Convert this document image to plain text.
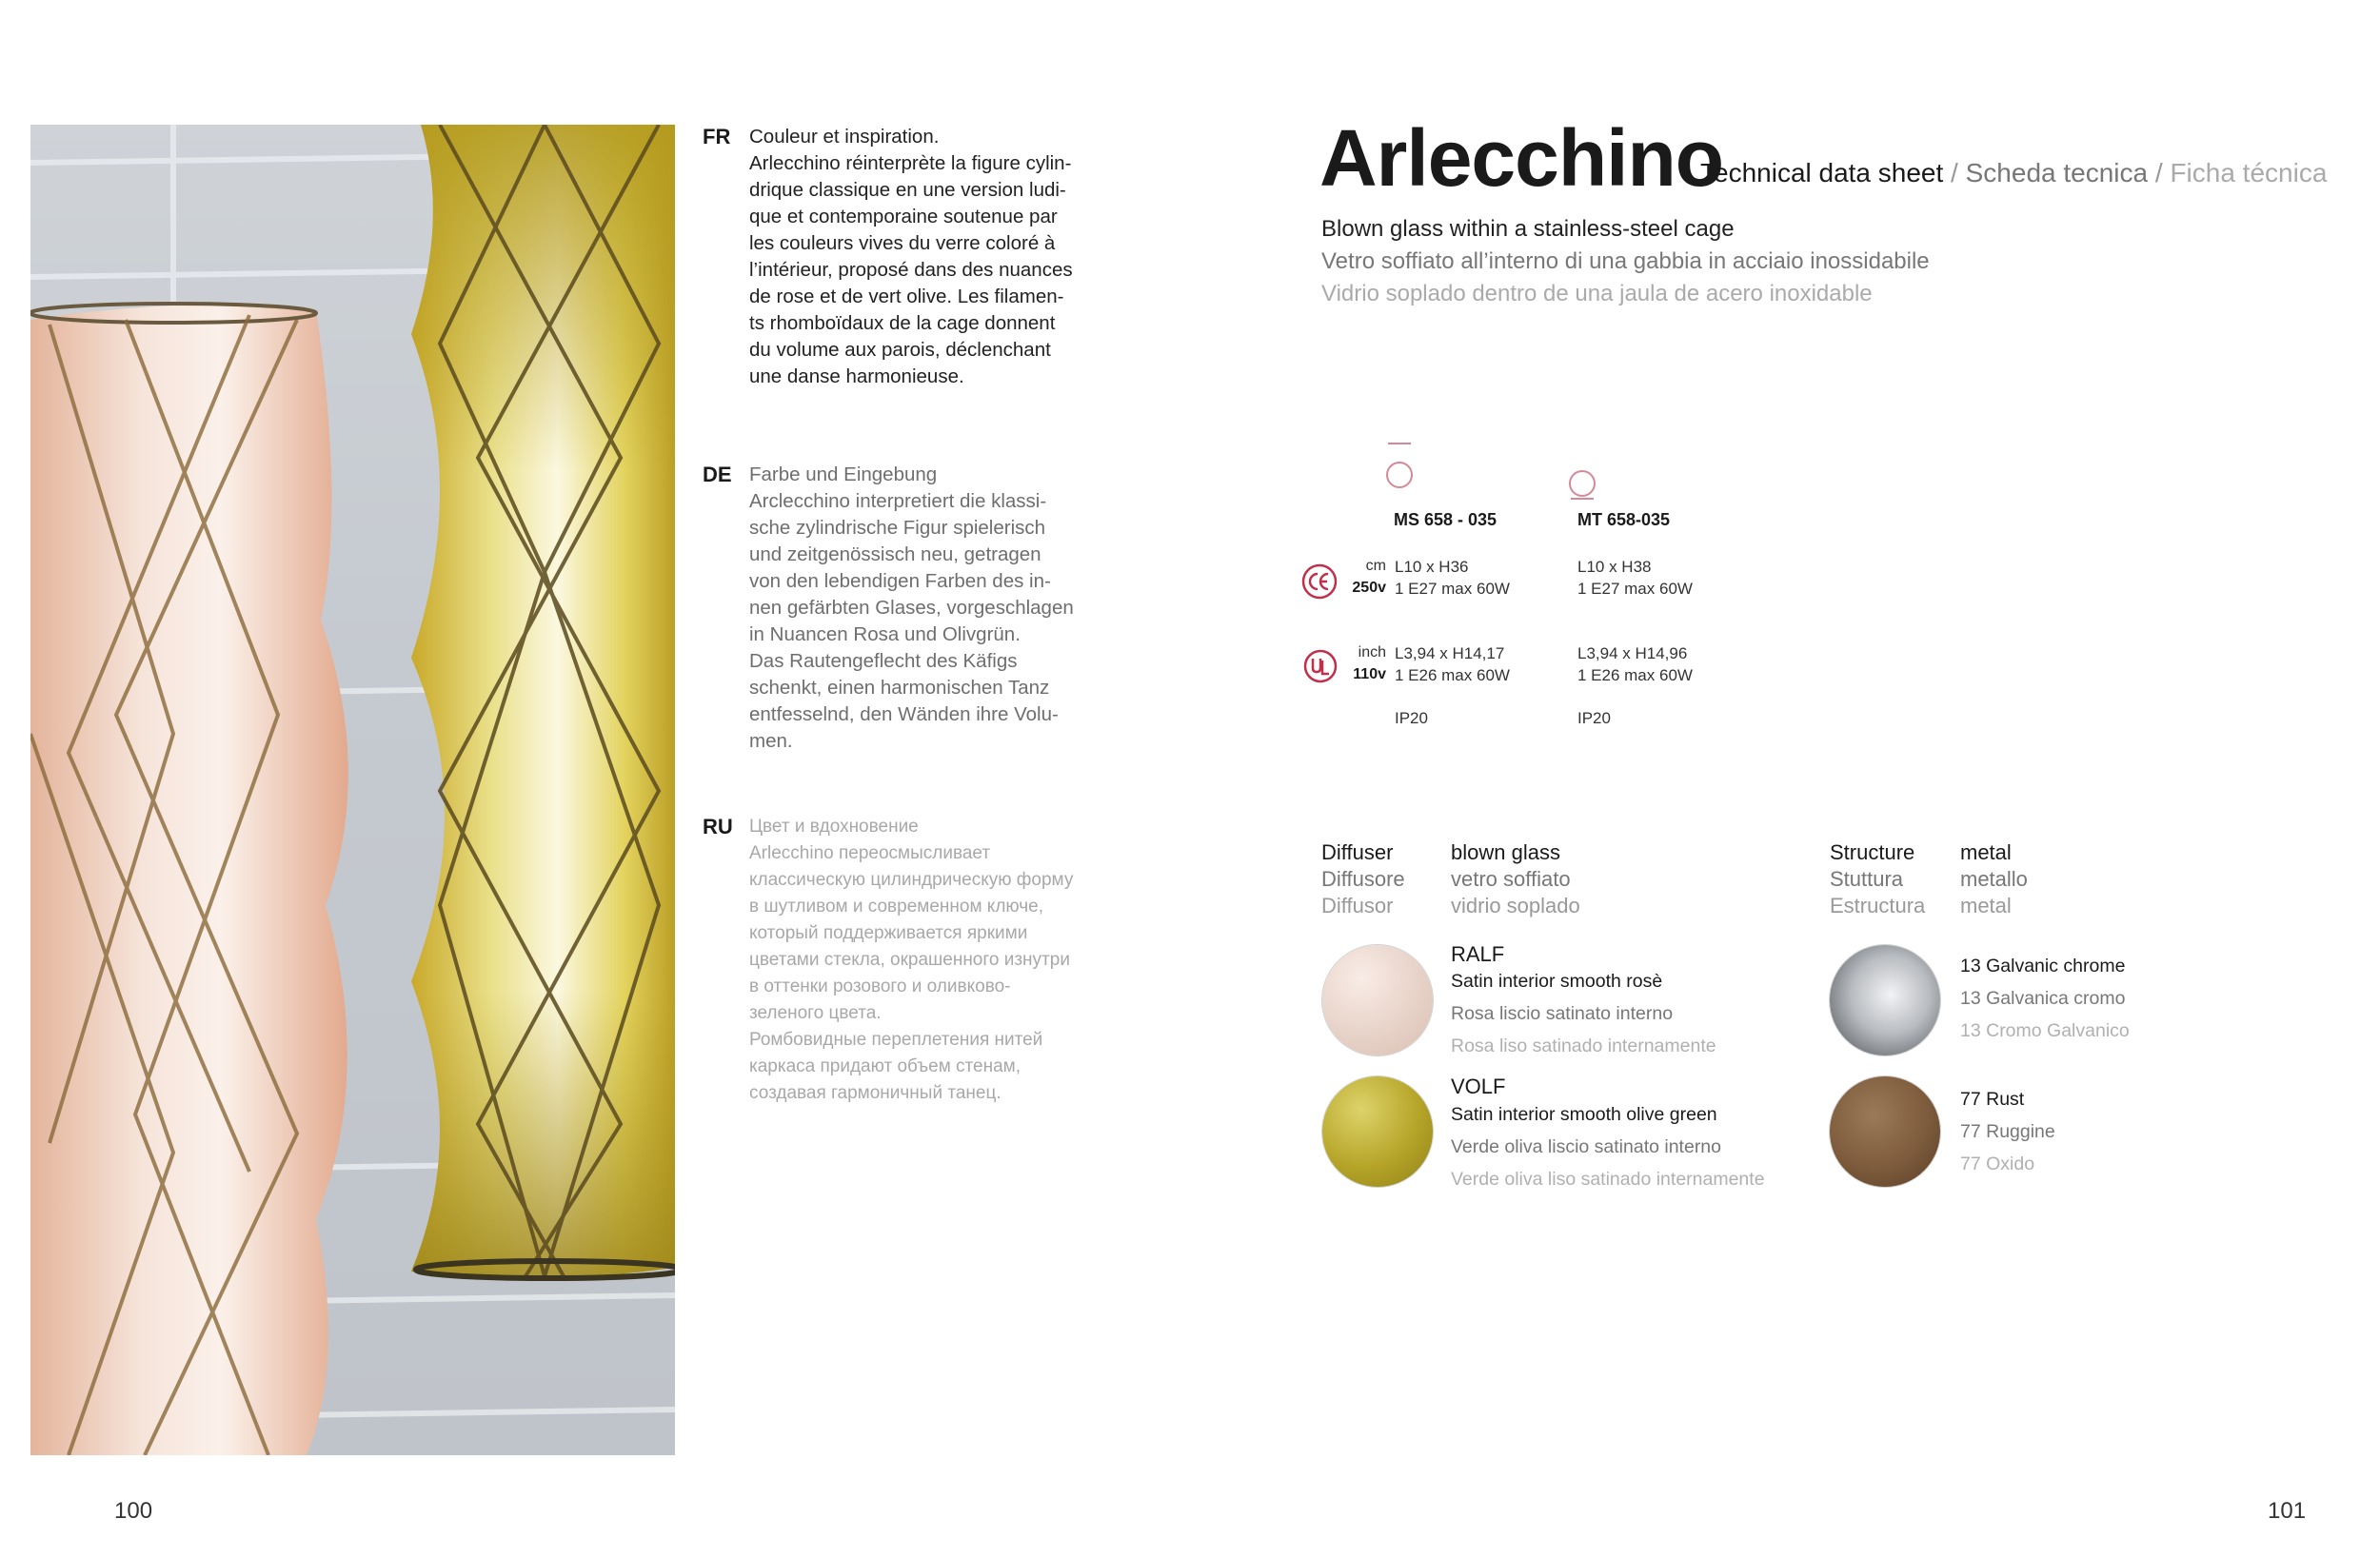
FR Couleur et inspiration.

Arlecchino réinterprète la figure cylin-

drique classique en une version ludi-

que et contemporaine soutenue par

les couleurs vives du verre coloré à

l’intérieur, proposé dans des nuances

de rose et de vert olive. Les filamen-

ts rhomboïdaux de la cage donnent

du volume aux parois, déclenchant

une danse harmonieuse.

DE Farbe und Eingebung

Arclecchino interpretiert die klassi-

sche zylindrische Figur spielerisch

und zeitgenössisch neu, getragen

von den lebendigen Farben des in-

nen gefärbten Glases, vorgeschlagen

in Nuancen Rosa und Olivgrün.

Das Rautengeflecht des Käfigs

schenkt, einen harmonischen Tanz

entfesselnd, den Wänden ihre Volu-

men.

RU Цвет и вдохновение

Arlecchino переосмысливает

классическую цилиндрическую форму

в шутливом и современном ключе,

который поддерживается яркими

цветами стекла, окрашенного изнутри

в оттенки розового и оливково-

зеленого цвета.

Ромбовидные переплетения нитей

каркаса придают объем стенам,

создавая гармоничный танец.

100
Arlecchino
Technical data sheet / Scheda tecnica / Ficha técnica
Blown glass within a stainless-steel cage
Vetro soffiato all’interno di una gabbia in acciaio inossidabile
Vidrio soplado dentro de una jaula de acero inoxidable
MS 658 - 035	MT 658-035
cm
250v
L10 x H36
1 E27 max 60W
L10 x H38
1 E27 max 60W
inch
110v
L3,94 x H14,17
1 E26 max 60W
L3,94 x H14,96
1 E26 max 60W
IP20	IP20
Diffuser
Diffusore
Diffusor
blown glass
vetro soffiato
vidrio soplado
RALF
Satin interior smooth rosè
Rosa liscio satinato interno
Rosa liso satinado internamente
VOLF
Satin interior smooth olive green
Verde oliva liscio satinato interno
Verde oliva liso satinado internamente
Structure
Stuttura
Estructura
metal
metallo
metal
13 Galvanic chrome
13 Galvanica cromo
13 Cromo Galvanico
77 Rust
77 Ruggine
77 Oxido
101
